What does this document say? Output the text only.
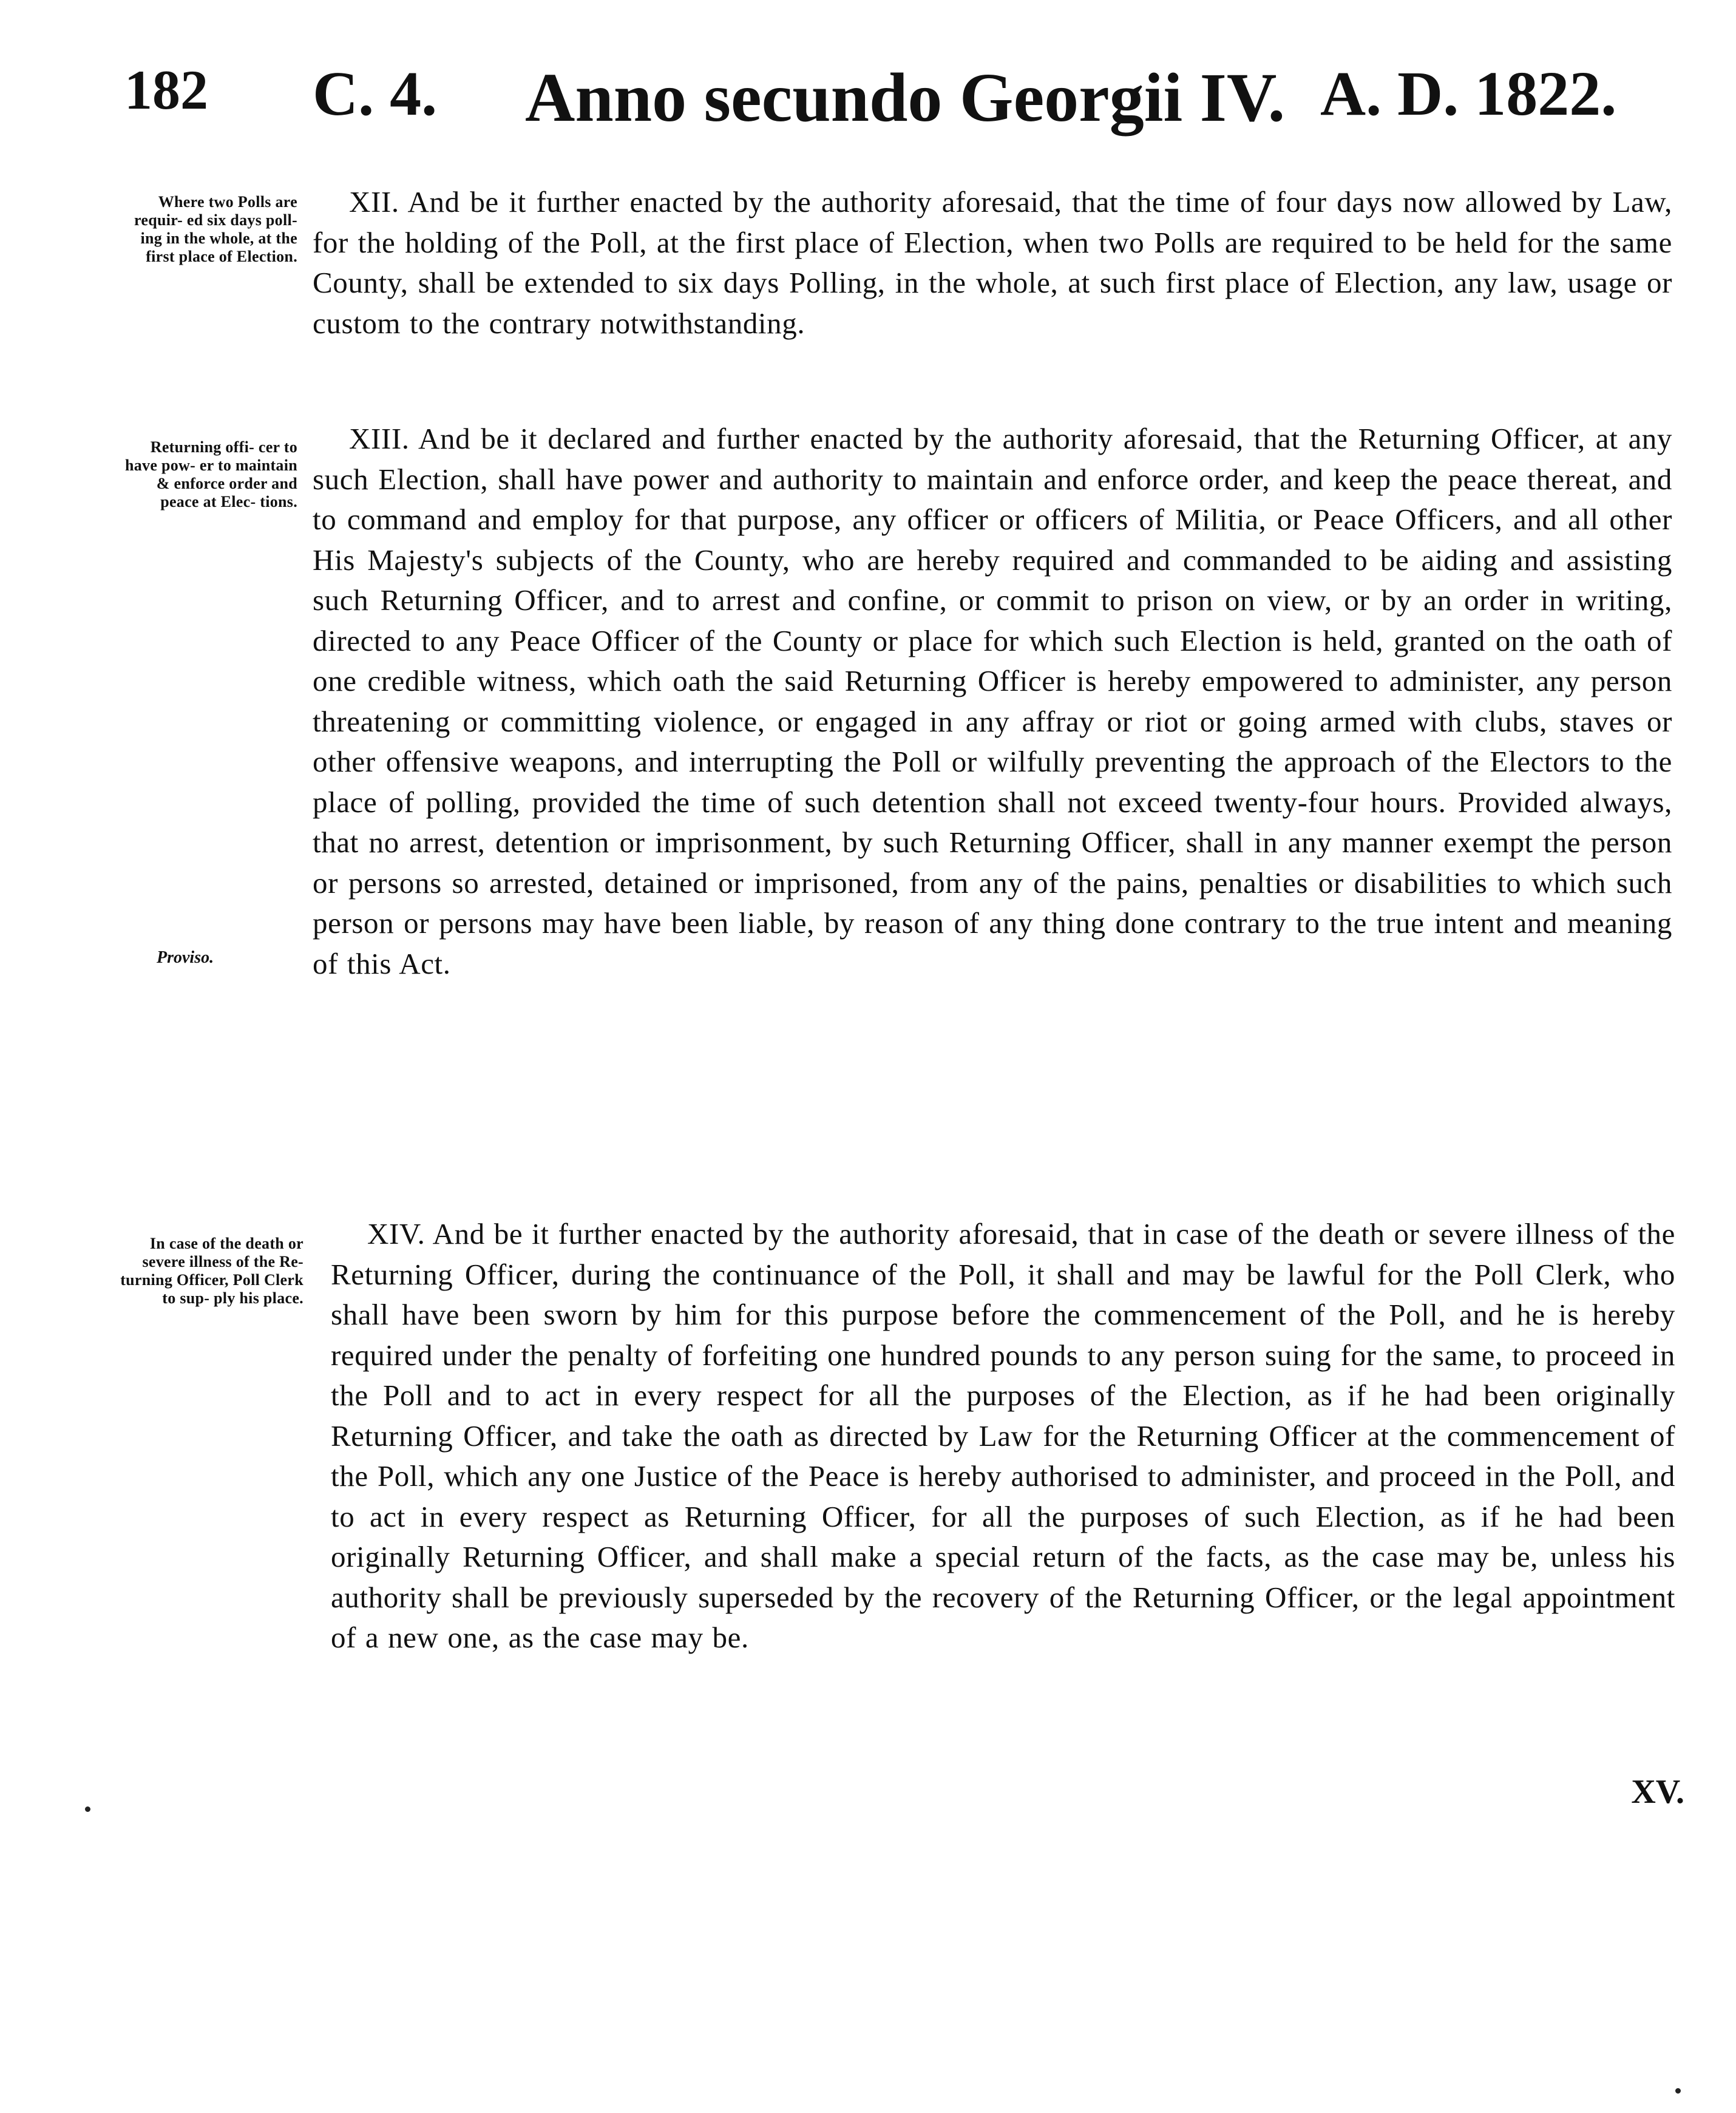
182 C. 4. Anno secundo Georgii IV. A. D. 1822.
Where two Polls are requir- ed six days poll- ing in the whole, at the first place of Election.

XII. And be it further enacted by the authority aforesaid, that the time of four days now allowed by Law, for the holding of the Poll, at the first place of Election, when two Polls are required to be held for the same County, shall be extended to six days Polling, in the whole, at such first place of Election, any law, usage or custom to the contrary notwithstanding.

Returning offi- cer to have pow- er to maintain & enforce order and peace at Elec- tions.

XIII. And be it declared and further enacted by the authority aforesaid, that the Returning Officer, at any such Election, shall have power and authority to maintain and enforce order, and keep the peace thereat, and to command and employ for that purpose, any officer or officers of Militia, or Peace Officers, and all other His Majesty's subjects of the County, who are hereby required and commanded to be aiding and assisting such Returning Officer, and to arrest and confine, or commit to prison on view, or by an order in writing, directed to any Peace Officer of the County or place for which such Election is held, granted on the oath of one credible witness, which oath the said Returning Officer is hereby empowered to administer, any person threatening or committing violence, or engaged in any affray or riot or going armed with clubs, staves or other offensive weapons, and interrupting the Poll or wilfully preventing the approach of the Electors to the place of polling, provided the time of such detention shall not exceed twenty-four hours. Provided always, that no arrest, detention or imprisonment, by such Returning Officer, shall in any manner exempt the person or persons so arrested, detained or imprisoned, from any of the pains, penalties or disabilities to which such person or persons may have been liable, by reason of any thing done contrary to the true intent and meaning of this Act.

Proviso.
In case of the death or severe illness of the Re- turning Officer, Poll Clerk to sup- ply his place.

XIV. And be it further enacted by the authority aforesaid, that in case of the death or severe illness of the Returning Officer, during the continuance of the Poll, it shall and may be lawful for the Poll Clerk, who shall have been sworn by him for this purpose before the commencement of the Poll, and he is hereby required under the penalty of forfeiting one hundred pounds to any person suing for the same, to proceed in the Poll and to act in every respect for all the purposes of the Election, as if he had been originally Returning Officer, and take the oath as directed by Law for the Returning Officer at the commencement of the Poll, which any one Justice of the Peace is hereby authorised to administer, and proceed in the Poll, and to act in every respect as Returning Officer, for all the purposes of such Election, as if he had been originally Returning Officer, and shall make a special return of the facts, as the case may be, unless his authority shall be previously superseded by the recovery of the Returning Officer, or the legal appointment of a new one, as the case may be.

XV.
